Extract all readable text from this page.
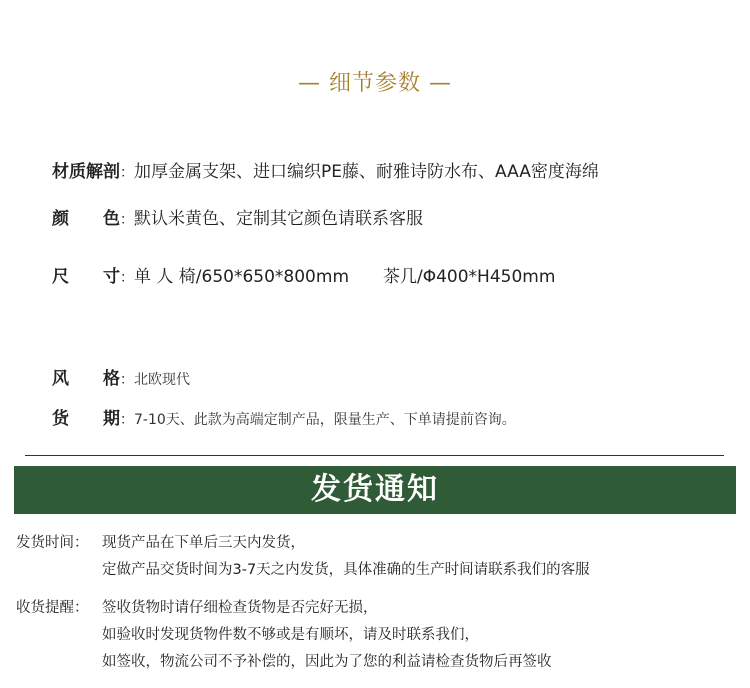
— 细节参数 —
材质解剖：加厚金属支架、进口编织PE藤、耐雅诗防水布、AAA密度海绵
颜　　色：默认米黄色、定制其它颜色请联系客服
尺　　寸：单 人 椅/650*650*800mm　　茶几/Φ400*H450mm
风　　格：北欧现代
货　　期：7-10天、此款为高端定制产品，限量生产、下单请提前咨询。
发货通知
发货时间： 现货产品在下单后三天内发货，
定做产品交货时间为3-7天之内发货，具体准确的生产时间请联系我们的客服
收货提醒： 签收货物时请仔细检查货物是否完好无损，
如验收时发现货物件数不够或是有顺坏，请及时联系我们，
如签收，物流公司不予补偿的，因此为了您的利益请检查货物后再签收
